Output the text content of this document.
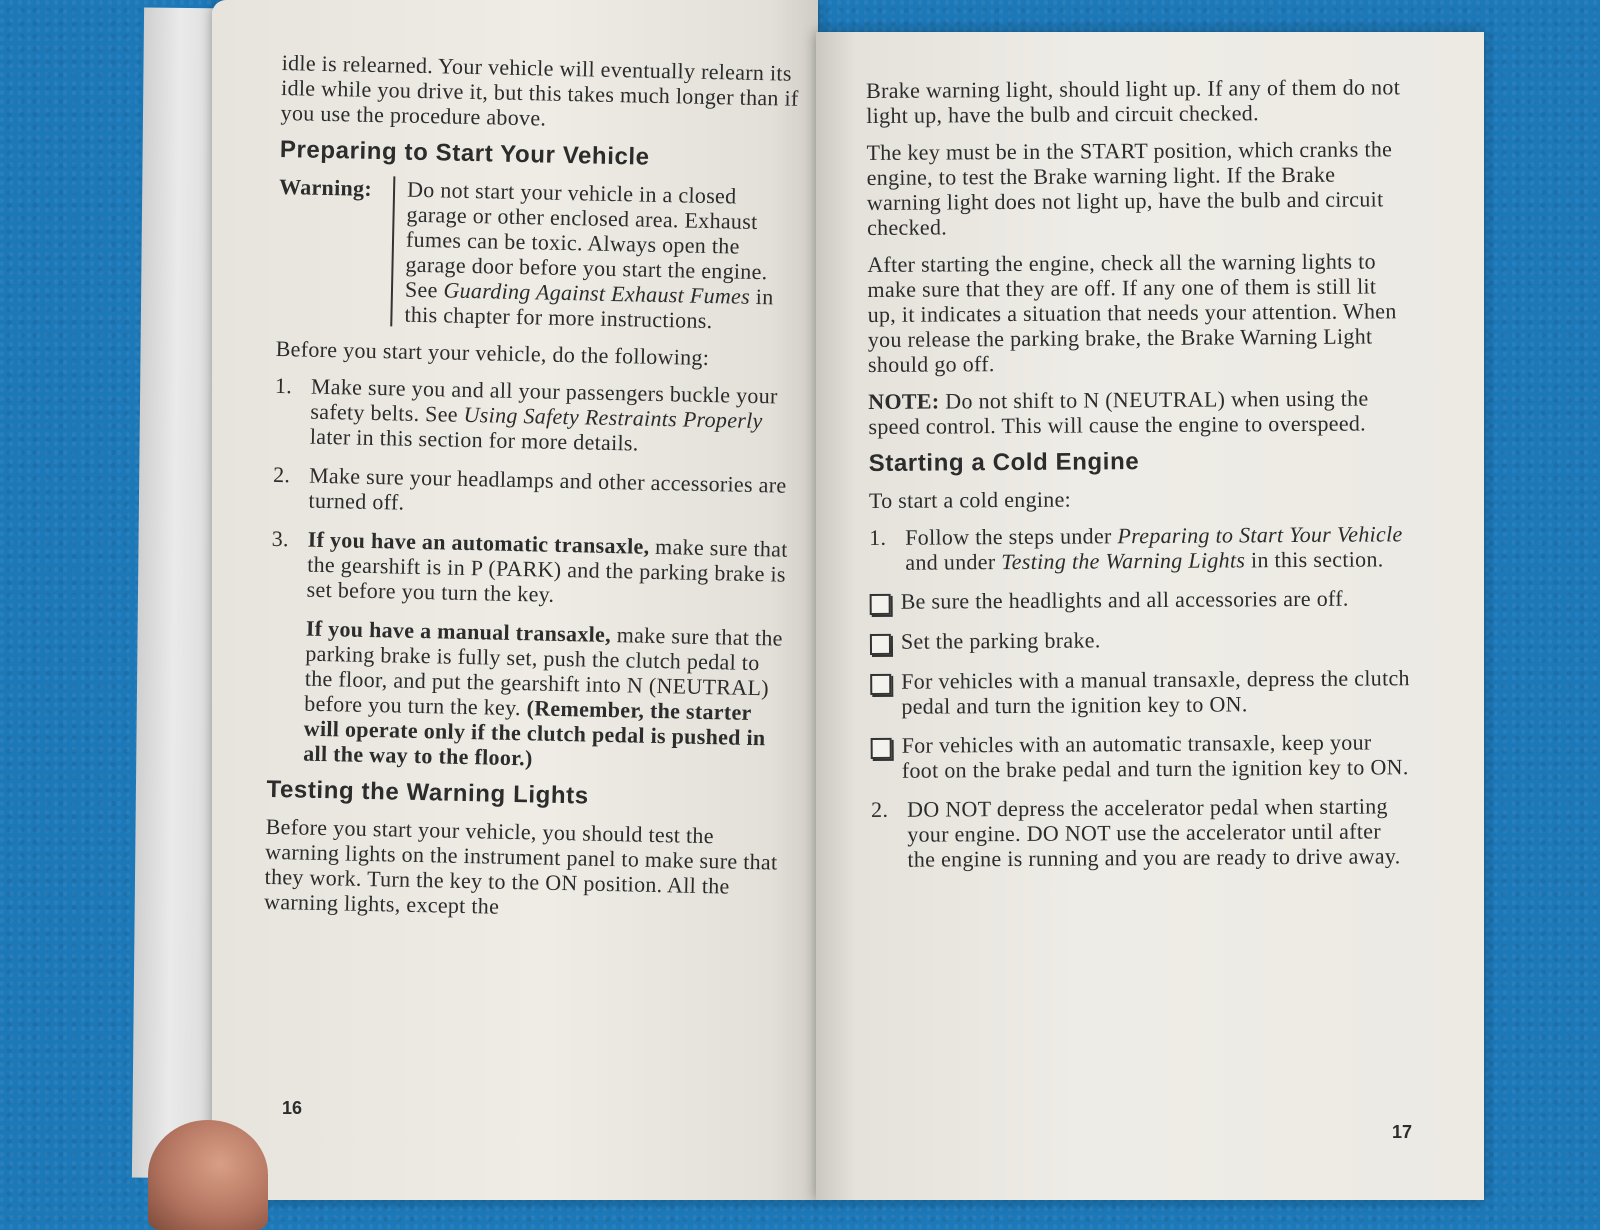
idle is relearned. Your vehicle will eventually relearn its idle while you drive it, but this takes much longer than if you use the procedure above.

Preparing to Start Your Vehicle
Warning:	Do not start your vehicle in a closed garage or other enclosed area. Exhaust fumes can be toxic. Always open the garage door before you start the engine. See Guarding Against Exhaust Fumes in this chapter for more instructions.

Before you start your vehicle, do the following:

1. Make sure you and all your passengers buckle your safety belts. See Using Safety Restraints Properly later in this section for more details.
2. Make sure your headlamps and other accessories are turned off.
3. If you have an automatic transaxle, make sure that the gearshift is in P (PARK) and the parking brake is set before you turn the key.

If you have a manual transaxle, make sure that the parking brake is fully set, push the clutch pedal to the floor, and put the gearshift into N (NEUTRAL) before you turn the key. (Remember, the starter will operate only if the clutch pedal is pushed in all the way to the floor.)

Testing the Warning Lights

Before you start your vehicle, you should test the warning lights on the instrument panel to make sure that they work. Turn the key to the ON position. All the warning lights, except the

16

Brake warning light, should light up. If any of them do not light up, have the bulb and circuit checked.

The key must be in the START position, which cranks the engine, to test the Brake warning light. If the Brake warning light does not light up, have the bulb and circuit checked.

After starting the engine, check all the warning lights to make sure that they are off. If any one of them is still lit up, it indicates a situation that needs your attention. When you release the parking brake, the Brake Warning Light should go off.

NOTE: Do not shift to N (NEUTRAL) when using the speed control. This will cause the engine to overspeed.

Starting a Cold Engine

To start a cold engine:

1. Follow the steps under Preparing to Start Your Vehicle and under Testing the Warning Lights in this section.
Be sure the headlights and all accessories are off.
Set the parking brake.
For vehicles with a manual transaxle, depress the clutch pedal and turn the ignition key to ON.
For vehicles with an automatic transaxle, keep your foot on the brake pedal and turn the ignition key to ON.
2. DO NOT depress the accelerator pedal when starting your engine. DO NOT use the accelerator until after the engine is running and you are ready to drive away.
17
